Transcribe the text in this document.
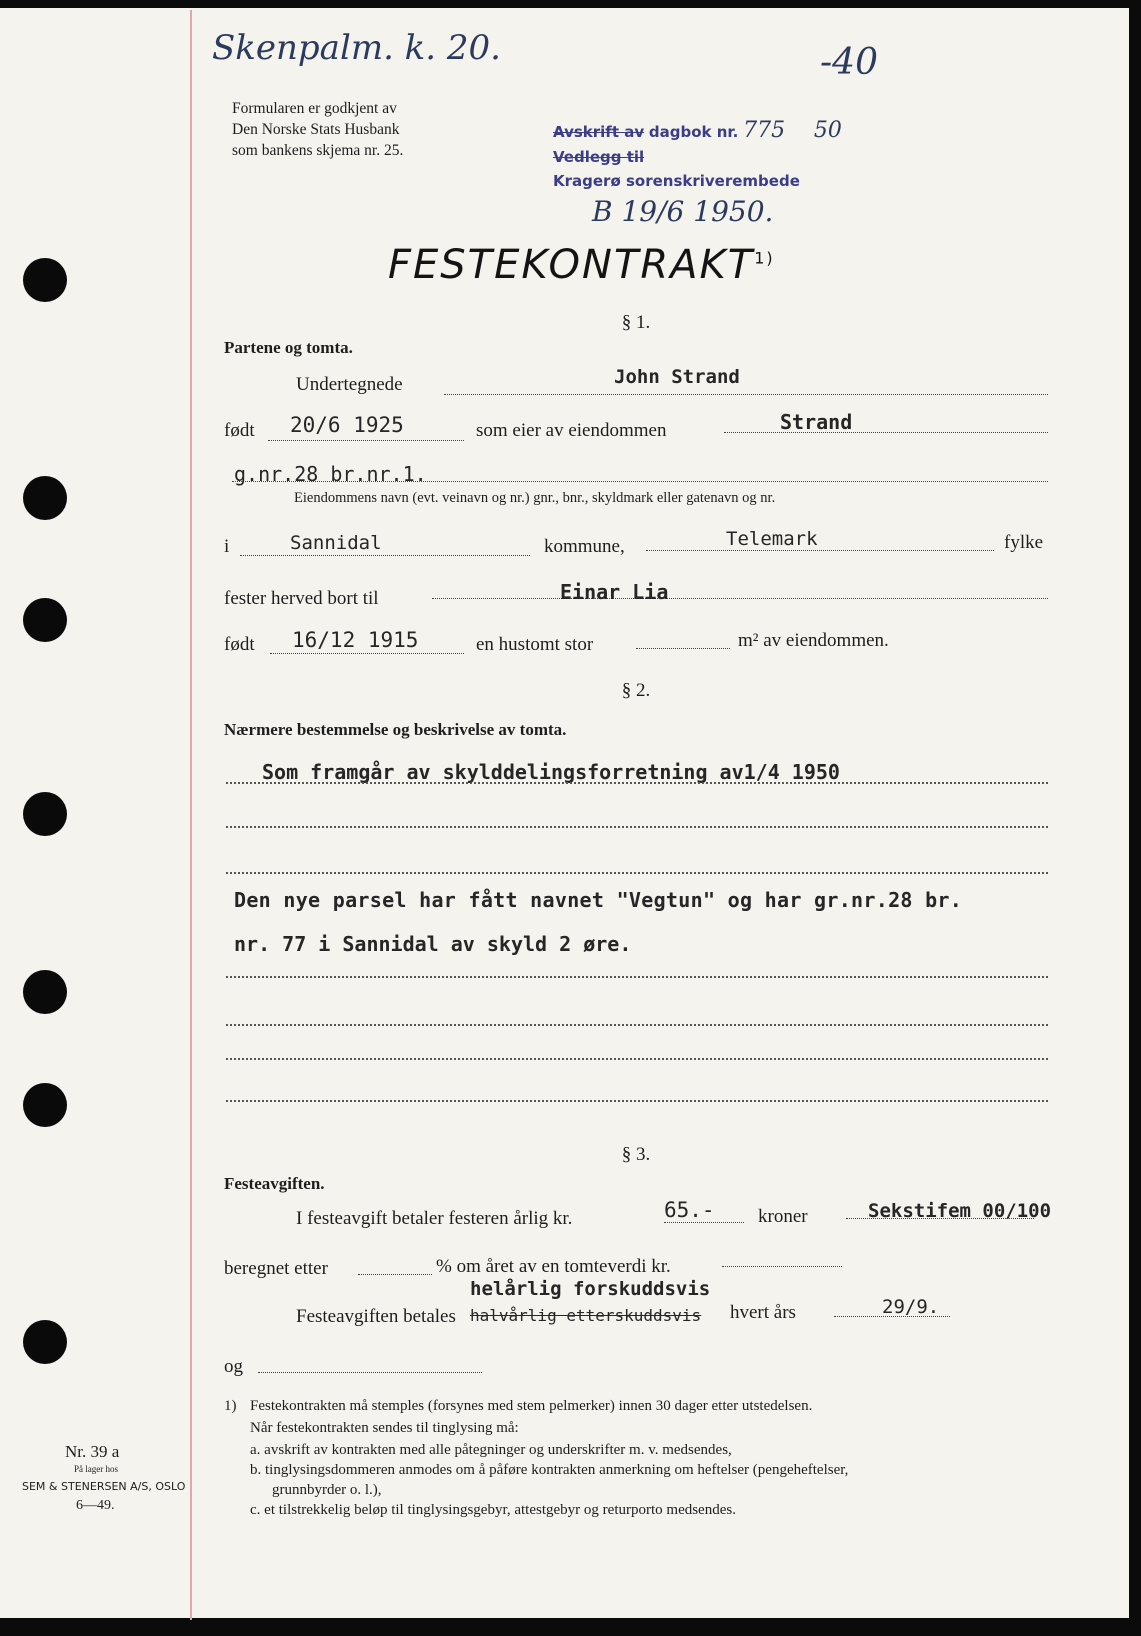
Skenpalm. k. 20.	-40
Formularen er godkjent av
Den Norske Stats Husbank
som bankens skjema nr. 25.
Avskrift av dagbok nr. 775 50
Vedlegg til
Kragerø sorenskriverembede
B 19/6 1950.
FESTEKONTRAKT$^{1)}$
§ 1.
Partene og tomta.
Undertegnede	John Strand
født 20/6 1925	som eier av eiendommen	Strand
g.nr.28 br.nr.1.
Eiendommens navn (evt. veinavn og nr.) gnr., bnr., skyldmark eller gatenavn og nr.
i	Sannidal	kommune,	Telemark	fylke
fester herved bort til	Einar Lia
født 16/12 1915	en hustomt stor	m² av eiendommen.
§ 2.
Nærmere bestemmelse og beskrivelse av tomta.
Som framgår av skylddelingsforretning av1/4 1950
Den nye parsel har fått navnet "Vegtun" og har gr.nr.28 br.
nr. 77 i Sannidal av skyld 2 øre.
§ 3.
Festeavgiften.
I festeavgift betaler festeren årlig kr.	65.- kroner	Sekstifem 00/100
beregnet etter	% om året av en tomteverdi kr.
helårlig forskuddsvis
Festeavgiften betales halvårlig etterskuddsvis hvert års	29/9.
og
1) Festekontrakten må stemples (forsynes med stem pelmerker) innen 30 dager etter utstedelsen.
Når festekontrakten sendes til tinglysing må:
a. avskrift av kontrakten med alle påtegninger og underskrifter m. v. medsendes,
b. tinglysingsdommeren anmodes om å påføre kontrakten anmerkning om heftelser (pengeheftelser,
grunnbyrder o. l.),
c. et tilstrekkelig beløp til tinglysingsgebyr, attestgebyr og returporto medsendes.
Nr. 39 a
På lager hos
SEM & STENERSEN A/S, OSLO
6—49.
